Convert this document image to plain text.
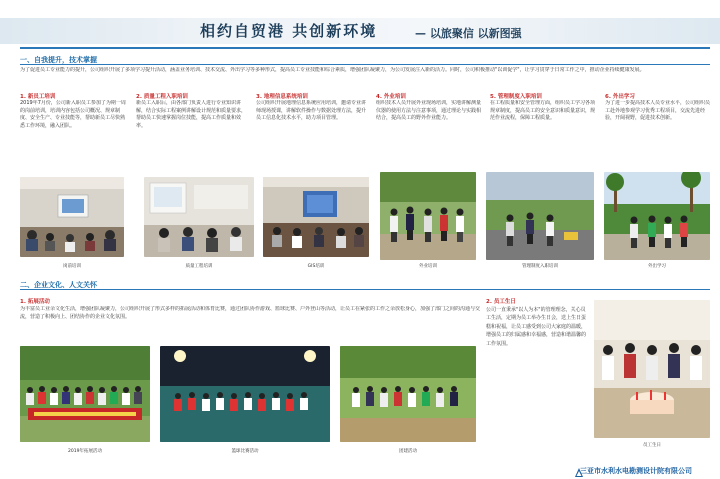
相约自贸港 共创新环境	— 以旅聚信 以新图强
一、自我提升，技术掌握
为了促进员工专业能力的提升，公司组织开展了多项学习提升活动，涵盖业务培训、技术交流、外出学习等多种形式，提高员工专业技能和综合素质，增强团队凝聚力，为公司发展注入新的活力。同时，公司积极推动"以训促学"，让学习贯穿于日常工作之中，推动企业持续健康发展。
1. 新员工培训
2019年7月份，公司新入职员工参加了为期一周的岗前培训，培训内容包括公司概况、规章制度、安全生产、专业技能等，帮助新员工尽快熟悉工作环境，融入团队。
2. 质量工程入职培训
新员工入职后，由各部门负责人进行专业知识讲解，结合实际工程案例讲解设计规范和质量要求，帮助员工快速掌握岗位技能，提高工作质量和效率。
3. 地理信息系统培训
公司组织开展地理信息系统应用培训，邀请专业讲师现场授课，讲解软件操作与数据处理方法，提升员工信息化技术水平，助力项目管理。
4. 外业培训
组织技术人员开展外业现场培训，实地讲解测量仪器的使用方法与注意事项，通过理论与实践相结合，提高员工的野外作业能力。
5. 管理制度入职培训
在工程质量和安全管理方面，组织员工学习各项规章制度，提高员工的安全意识和质量意识，规范作业流程，保障工程质量。
6. 外出学习
为了进一步提高技术人员专业水平，公司组织员工赴外地参观学习优秀工程项目，交流先进经验，开阔视野，促进技术创新。
岗前培训	质量工程培训	GIS培训	外业培训	管理制度入职培训	外出学习
二、企业文化、人文关怀
1. 拓展活动
为丰富员工业余文化生活，增强团队凝聚力，公司组织开展了形式多样的拓展活动和体育比赛，通过团队协作游戏、篮球比赛、户外登山等活动，让员工在紧张的工作之余放松身心，加强了部门之间的沟通与交流，营造了积极向上、团结协作的企业文化氛围。
2. 员工生日
公司一直秉承"以人为本"的管理理念，关心员工生活，定期为员工举办生日会，送上生日蛋糕和祝福，让员工感受到公司大家庭的温暖，增强员工的归属感和幸福感，营造和谐温馨的工作氛围。
2019年拓展活动	篮球比赛活动	团建活动
员工生日
三亚市水利水电勘测设计院有限公司
